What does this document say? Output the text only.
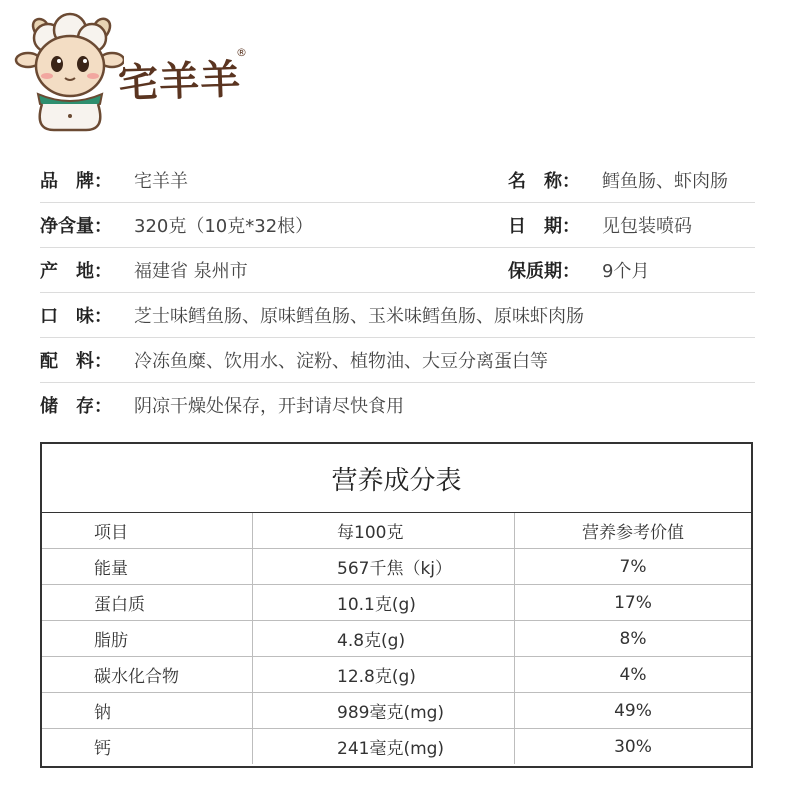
宅羊羊
®
品　牌：	宅羊羊	名　称：	鳕鱼肠、虾肉肠
净含量：	320克（10克*32根）	日　期：	见包装喷码
产　地：	福建省 泉州市	保质期：	9个月
口　味：	芝士味鳕鱼肠、原味鳕鱼肠、玉米味鳕鱼肠、原味虾肉肠
配　料：	冷冻鱼糜、饮用水、淀粉、植物油、大豆分离蛋白等
储　存：	阴凉干燥处保存，开封请尽快食用
营养成分表
项目	每100克	营养参考价值
能量	567千焦（kj）	7%
蛋白质	10.1克(g)	17%
脂肪	4.8克(g)	8%
碳水化合物	12.8克(g)	4%
钠	989毫克(mg)	49%
钙	241毫克(mg)	30%
